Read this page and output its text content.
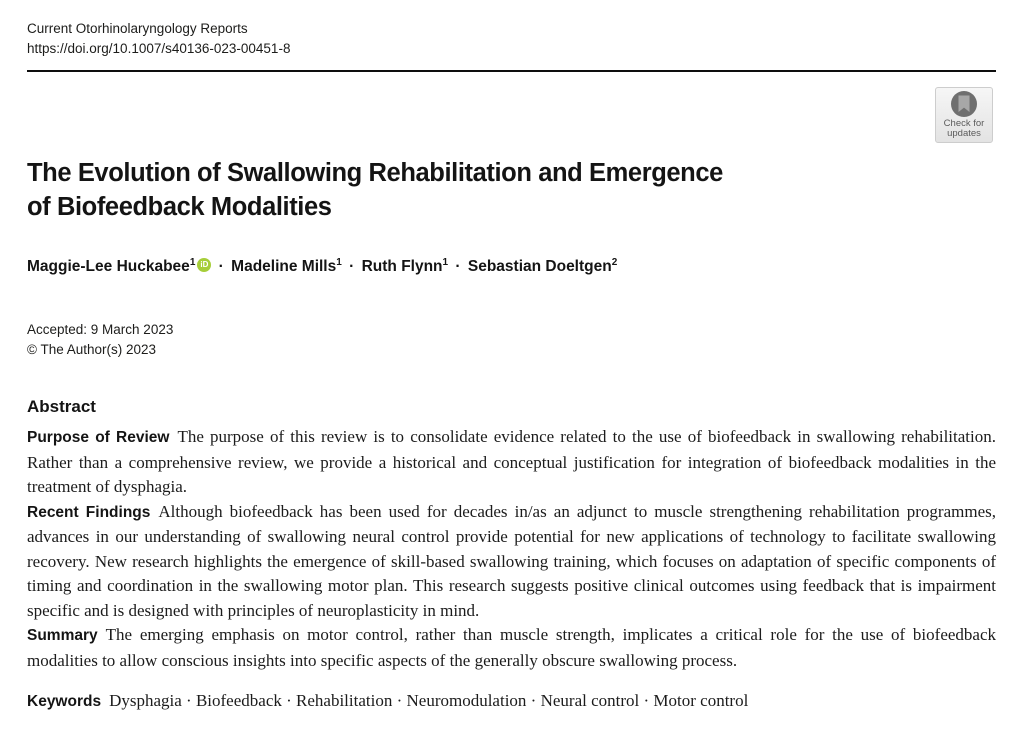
Current Otorhinolaryngology Reports
https://doi.org/10.1007/s40136-023-00451-8
The Evolution of Swallowing Rehabilitation and Emergence
of Biofeedback Modalities
Maggie-Lee Huckabee$^1$ iD · Madeline Mills$^1$ · Ruth Flynn$^1$ · Sebastian Doeltgen$^2$
Accepted: 9 March 2023
© The Author(s) 2023
Abstract

Purpose of Review The purpose of this review is to consolidate evidence related to the use of biofeedback in swallowing rehabilitation. Rather than a comprehensive review, we provide a historical and conceptual justification for integration of biofeedback modalities in the treatment of dysphagia.

Recent Findings Although biofeedback has been used for decades in/as an adjunct to muscle strengthening rehabilitation programmes, advances in our understanding of swallowing neural control provide potential for new applications of technology to facilitate swallowing recovery. New research highlights the emergence of skill-based swallowing training, which focuses on adaptation of specific components of timing and coordination in the swallowing motor plan. This research suggests positive clinical outcomes using feedback that is impairment specific and is designed with principles of neuroplasticity in mind.

Summary The emerging emphasis on motor control, rather than muscle strength, implicates a critical role for the use of biofeedback modalities to allow conscious insights into specific aspects of the generally obscure swallowing process.

Keywords Dysphagia · Biofeedback · Rehabilitation · Neuromodulation · Neural control · Motor control
Check for
updates
